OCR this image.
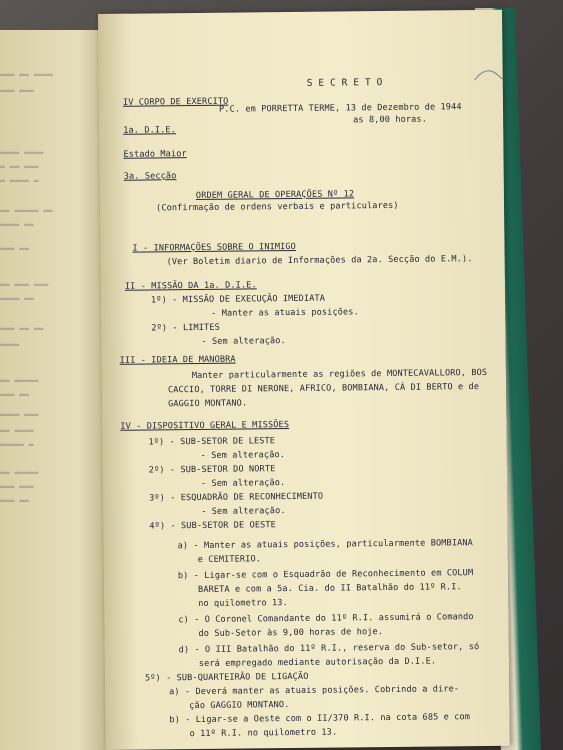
▬▬▬ ▬▬ ▬▬▬▬
▬▬▬ ▬▬▬
▬▬▬▬ ▬▬▬▬
▬ ▬▬ ▬▬▬
▬ ▬▬▬▬ ▬
▬▬ ▬▬▬▬▬ ▬▬
▬▬▬▬ ▬▬
▬▬▬ ▬▬
▬▬ ▬▬▬ ▬▬▬
▬▬▬▬ ▬▬
▬▬▬ ▬▬ ▬▬
▬▬▬▬
▬▬ ▬▬▬▬▬
▬▬▬ ▬▬
▬▬▬▬ ▬▬▬
▬▬ ▬▬▬▬
▬▬▬▬▬ ▬
▬▬ ▬▬▬▬▬
▬▬▬ ▬▬▬
▬▬▬ ▬▬
S E C R E T O
IV CORPO DE EXERCITO
P.C. em PORRETTA TERME, 13 de Dezembro de 1944
as 8,00 horas.
1a. D.I.E.
Estado Maior
3a. Secção
ORDEM GERAL DE OPERAÇÕES Nº 12
(Confirmação de ordens verbais e particulares)
I - INFORMAÇÕES SOBRE O INIMIGO
(Ver Boletim diario de Informações da 2a. Secção do E.M.).
II - MISSÃO DA 1a. D.I.E.
1º) - MISSÃO DE EXECUÇÃO IMEDIATA
- Manter as atuais posições.
2º) - LIMITES
- Sem alteração.
III - IDEIA DE MANOBRA
Manter particularmente as regiões de MONTECAVALLORO, BOS
CACCIO, TORRE DI NERONE, AFRICO, BOMBIANA, CÁ DI BERTO e de
GAGGIO MONTANO.
IV - DISPOSITIVO GERAL E MISSÕES
1º) - SUB-SETOR DE LESTE
- Sem alteração.
2º) - SUB-SETOR DO NORTE
- Sem alteração.
3º) - ESQUADRÃO DE RECONHECIMENTO
- Sem alteração.
4º) - SUB-SETOR DE OESTE
a) - Manter as atuais posições, particularmente BOMBIANA
e CEMITERIO.
b) - Ligar-se com o Esquadrão de Reconhecimento em COLUM
BARETA e com a 5a. Cia. do II Batalhão do 11º R.I.
no quilometro 13.
c) - O Coronel Comandante do 11º R.I. assumirá o Comando
do Sub-Setor às 9,00 horas de hoje.
d) - O III Batalhão do 11º R.I., reserva do Sub-setor, só
será empregado mediante autorisação da D.I.E.
5º) - SUB-QUARTEIRÃO DE LIGAÇÃO
a) - Deverá manter as atuais posições. Cobrindo a dire-
ção GAGGIO MONTANO.
b) - Ligar-se a Oeste com o II/370 R.I. na cota 685 e com
o 11º R.I. no quilometro 13.
